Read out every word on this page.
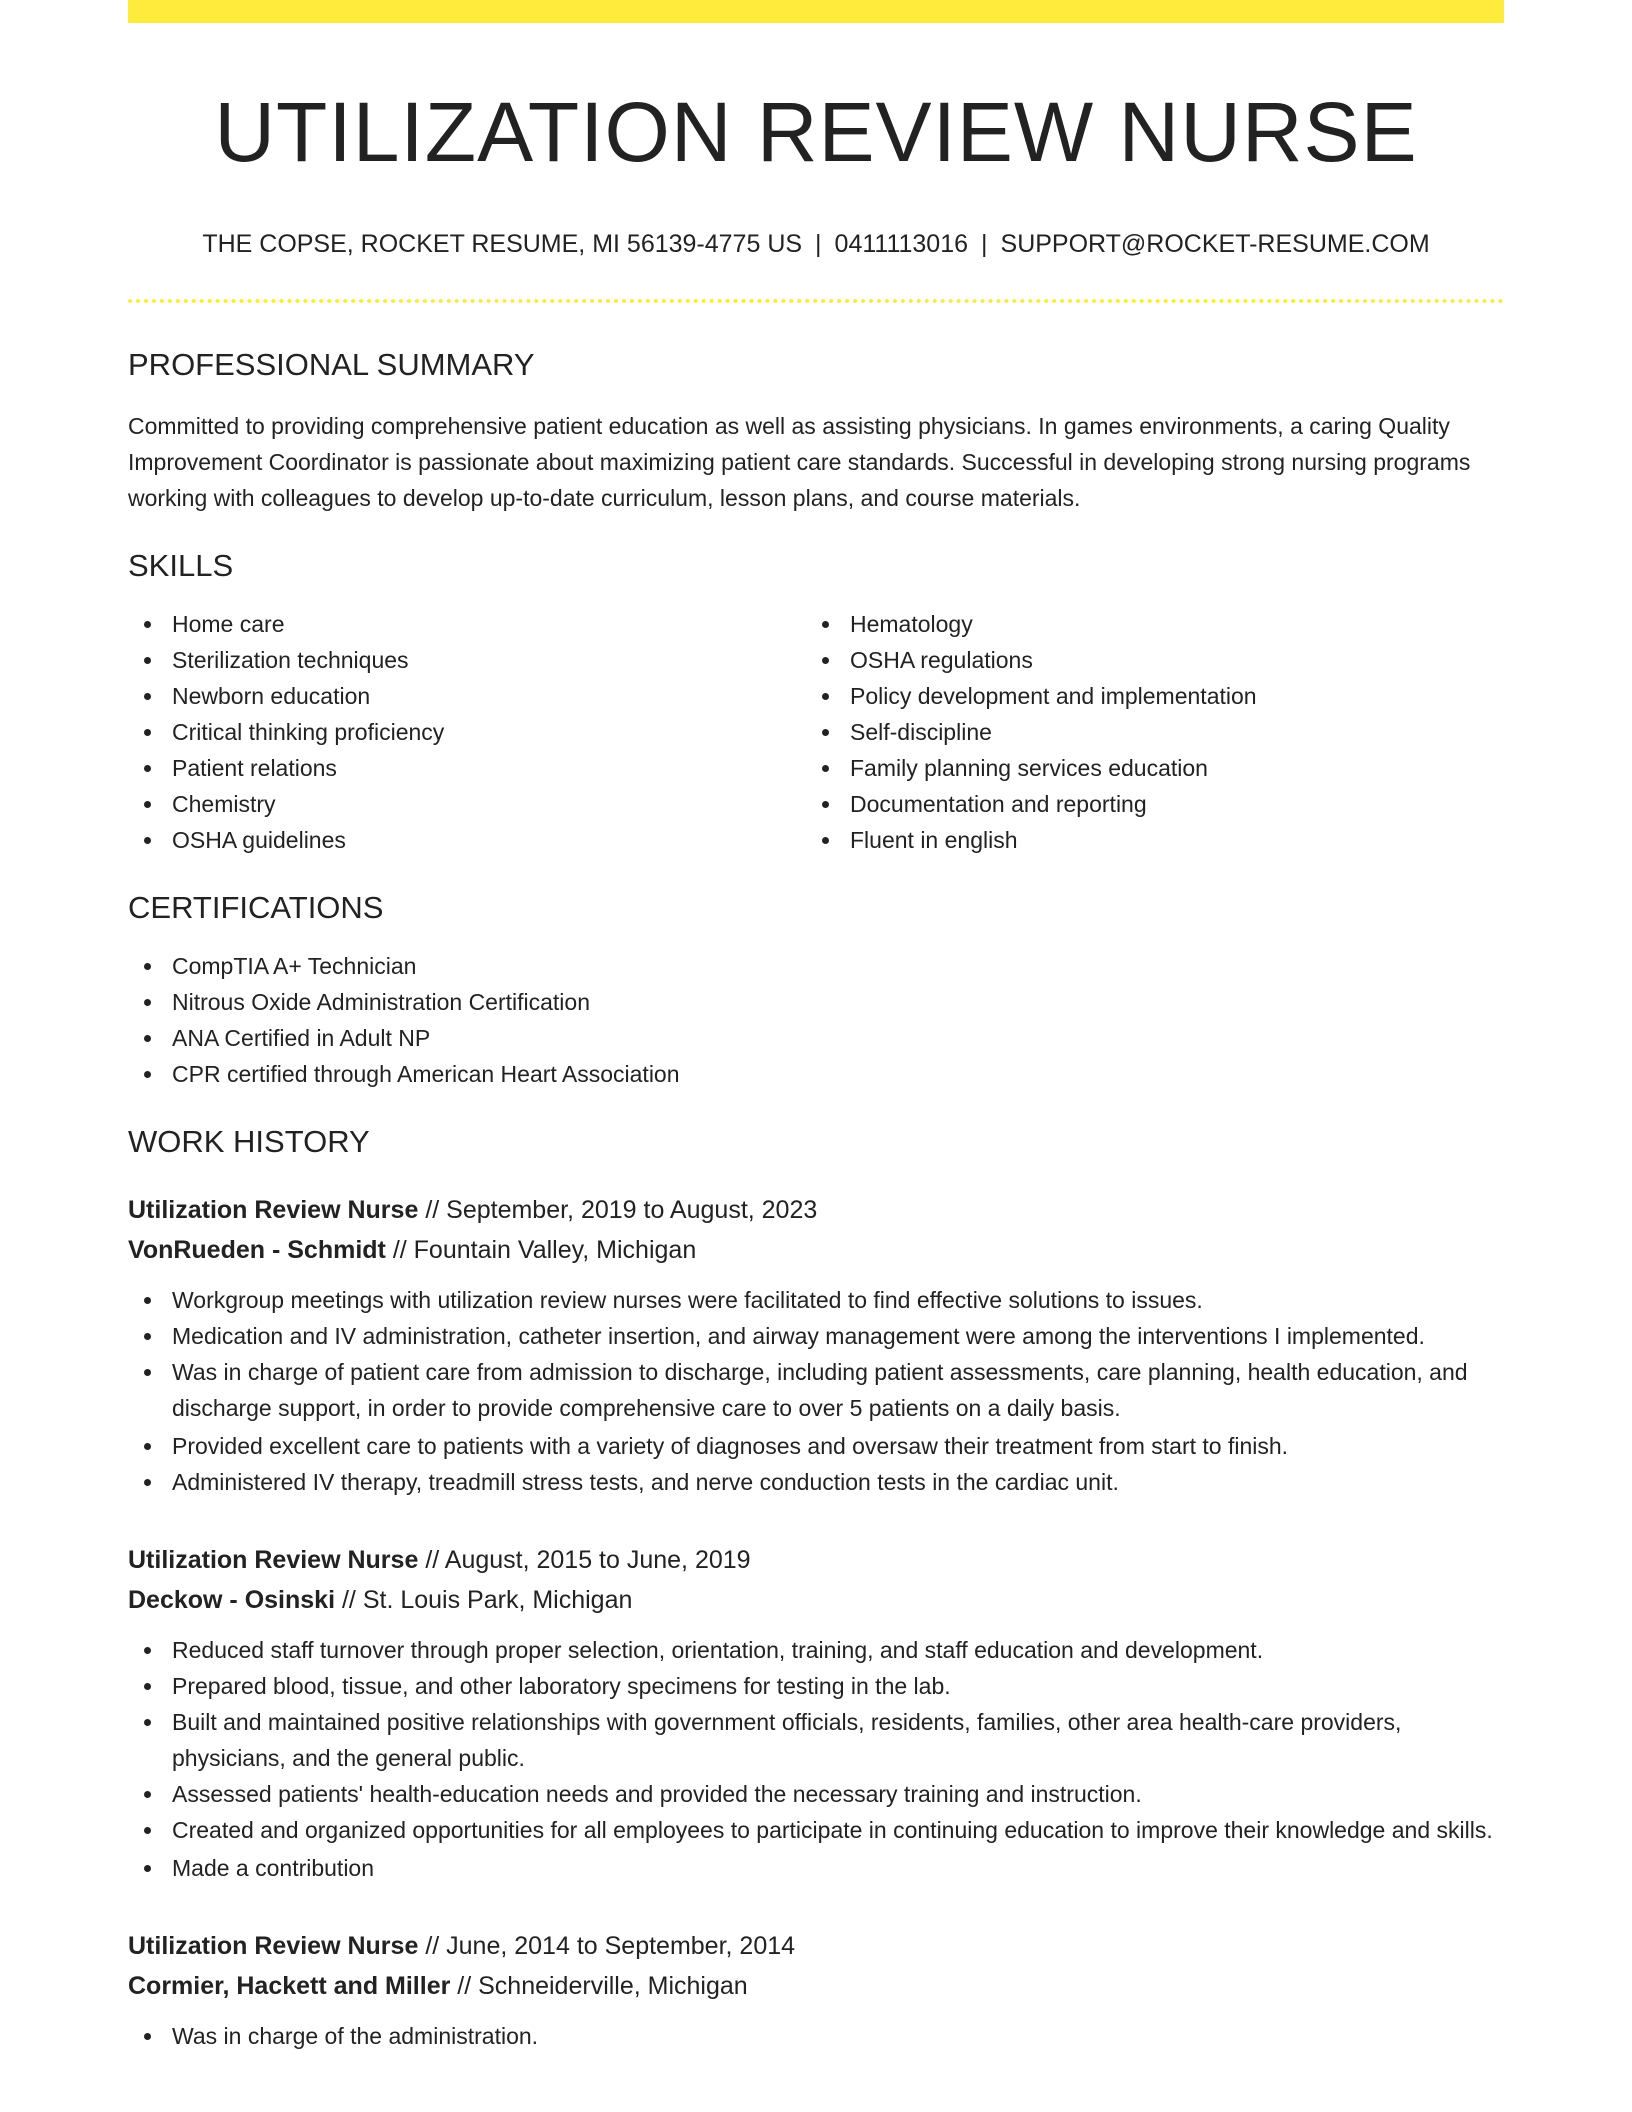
UTILIZATION REVIEW NURSE
THE COPSE, ROCKET RESUME, MI 56139-4775 US | 0411113016 | SUPPORT@ROCKET-RESUME.COM
PROFESSIONAL SUMMARY
Committed to providing comprehensive patient education as well as assisting physicians. In games environments, a caring Quality Improvement Coordinator is passionate about maximizing patient care standards. Successful in developing strong nursing programs working with colleagues to develop up-to-date curriculum, lesson plans, and course materials.
SKILLS
Home care
Sterilization techniques
Newborn education
Critical thinking proficiency
Patient relations
Chemistry
OSHA guidelines
Hematology
OSHA regulations
Policy development and implementation
Self-discipline
Family planning services education
Documentation and reporting
Fluent in english
CERTIFICATIONS
CompTIA A+ Technician
Nitrous Oxide Administration Certification
ANA Certified in Adult NP
CPR certified through American Heart Association
WORK HISTORY
Utilization Review Nurse // September, 2019 to August, 2023
VonRueden - Schmidt // Fountain Valley, Michigan
Workgroup meetings with utilization review nurses were facilitated to find effective solutions to issues.
Medication and IV administration, catheter insertion, and airway management were among the interventions I implemented.
Was in charge of patient care from admission to discharge, including patient assessments, care planning, health education, and discharge support, in order to provide comprehensive care to over 5 patients on a daily basis.
Provided excellent care to patients with a variety of diagnoses and oversaw their treatment from start to finish.
Administered IV therapy, treadmill stress tests, and nerve conduction tests in the cardiac unit.
Utilization Review Nurse // August, 2015 to June, 2019
Deckow - Osinski // St. Louis Park, Michigan
Reduced staff turnover through proper selection, orientation, training, and staff education and development.
Prepared blood, tissue, and other laboratory specimens for testing in the lab.
Built and maintained positive relationships with government officials, residents, families, other area health-care providers, physicians, and the general public.
Assessed patients' health-education needs and provided the necessary training and instruction.
Created and organized opportunities for all employees to participate in continuing education to improve their knowledge and skills.
Made a contribution
Utilization Review Nurse // June, 2014 to September, 2014
Cormier, Hackett and Miller // Schneiderville, Michigan
Was in charge of the administration.
